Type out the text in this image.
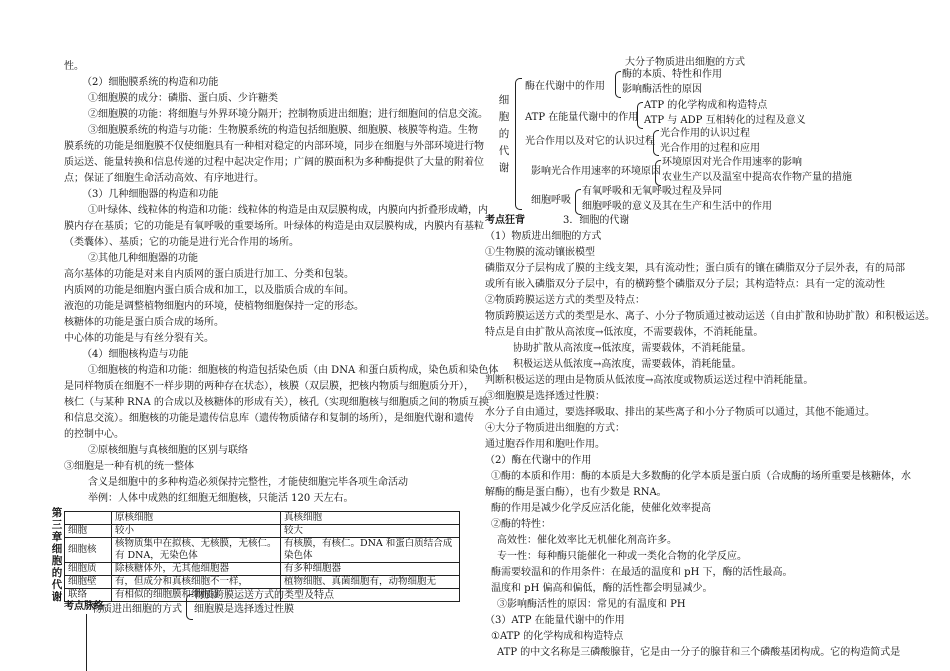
性。
（2）细胞膜系统的构造和功能
①细胞膜的成分：磷脂、蛋白质、少许糖类
②细胞膜的功能：将细胞与外界环境分隔开；控制物质进出细胞；进行细胞间的信息交流。
③细胞膜系统的构造与功能：生物膜系统的构造包括细胞膜、细胞膜、核膜等构造。生物
膜系统的功能是细胞膜不仅使细胞具有一种相对稳定的内部环境，同步在细胞与外部环境进行物
质运送、能量转换和信息传递的过程中起决定作用；广阔的膜面积为多种酶提供了大量的附着位
点；保证了细胞生命活动高效、有序地进行。
（3）几种细胞器的构造和功能
①叶绿体、线粒体的构造和功能：线粒体的构造是由双层膜构成，内膜向内折叠形成嵴，内
膜内存在基质；它的功能是有氧呼吸的重要场所。叶绿体的构造是由双层膜构成，内膜内有基粒
（类囊体）、基质；它的功能是进行光合作用的场所。
②其他几种细胞器的功能
高尔基体的功能是对来自内质网的蛋白质进行加工、分类和包装。
内质网的功能是细胞内蛋白质合成和加工，以及脂质合成的车间。
液泡的功能是调整植物细胞内的环境，使植物细胞保持一定的形态。
核糖体的功能是蛋白质合成的场所。
中心体的功能是与有丝分裂有关。
（4）细胞核构造与功能
①细胞核的构造和功能：细胞核的构造包括染色质（由 DNA 和蛋白质构成，染色质和染色体
是同样物质在细胞不一样步期的两种存在状态），核膜（双层膜，把核内物质与细胞质分开），
核仁（与某种 RNA 的合成以及核糖体的形成有关），核孔（实现细胞核与细胞质之间的物质互换
和信息交流）。细胞核的功能是遗传信息库（遗传物质储存和复制的场所），是细胞代谢和遗传
的控制中心。
②原核细胞与真核细胞的区别与联络
③细胞是一种有机的统一整体
含义是细胞中的多种构造必须保持完整性，才能使细胞完毕各项生命活动
举例：人体中成熟的红细胞无细胞核，只能活 120 天左右。
第
三
章
细
胞
的
代
谢
	原核细胞	真核细胞
细胞	较小	较大
细胞核	核物质集中在拟核、无核膜，无核仁。有 DNA，无染色体	有核膜，有核仁。DNA 和蛋白质结合成染色体
细胞质	除核糖体外，无其他细胞器	有多种细胞器
细胞壁	有，但成分和真核细胞不一样，	植物细胞、真菌细胞有，动物细胞无
联络	有相似的细胞膜和细胞质	
考点脉络
物质进出细胞的方式
物质跨膜运送方式的类型及特点
细胞膜是选择透过性膜
大分子物质进出细胞的方式
细
胞
的
代
谢
酶在代谢中的作用
酶的本质、特性和作用
影响酶活性的原因
ATP 在能量代谢中的作用
ATP 的化学构成和构造特点
ATP 与 ADP 互相转化的过程及意义
光合作用以及对它的认识过程
光合作用的认识过程
光合作用的过程和应用
影响光合作用速率的环境原因
环境原因对光合作用速率的影响
农业生产以及温室中提高农作物产量的措施
细胞呼吸
有氧呼吸和无氧呼吸过程及异同
细胞呼吸的意义及其在生产和生活中的作用
考点狂背	3．细胞的代谢
（1）物质进出细胞的方式
①生物膜的流动镶嵌模型
磷脂双分子层构成了膜的主线支架，具有流动性；蛋白质有的镶在磷脂双分子层外表，有的局部
或所有嵌入磷脂双分子层中，有的横跨整个磷脂双分子层；其构造特点：具有一定的流动性
②物质跨膜运送方式的类型及特点：
物质跨膜运送方式的类型是水、离子、小分子物质通过被动运送（自由扩散和协助扩散）和积极运送。
特点是自由扩散从高浓度→低浓度，不需要载体，不消耗能量。
协助扩散从高浓度→低浓度，需要载体，不消耗能量。
积极运送从低浓度→高浓度，需要载体，消耗能量。
判断积极运送的理由是物质从低浓度→高浓度或物质运送过程中消耗能量。
③细胞膜是选择透过性膜：
水分子自由通过，要选择吸取、排出的某些离子和小分子物质可以通过，其他不能通过。
④大分子物质进出细胞的方式：
通过胞吞作用和胞吐作用。
（2）酶在代谢中的作用
①酶的本质和作用：酶的本质是大多数酶的化学本质是蛋白质（合成酶的场所重要是核糖体，水
解酶的酶是蛋白酶），也有少数是 RNA。
酶的作用是减少化学反应活化能，使催化效率提高
②酶的特性：
高效性：催化效率比无机催化剂高许多。
专一性：每种酶只能催化一种或一类化合物的化学反应。
酶需要较温和的作用条件：在最适的温度和 pH 下，酶的活性最高。
温度和 pH 偏高和偏低，酶的活性都会明显减少。
③影响酶活性的原因：常见的有温度和 PH
（3）ATP 在能量代谢中的作用
①ATP 的化学构成和构造特点
ATP 的中文名称是三磷酸腺苷，它是由一分子的腺苷和三个磷酸基团构成。它的构造简式是
